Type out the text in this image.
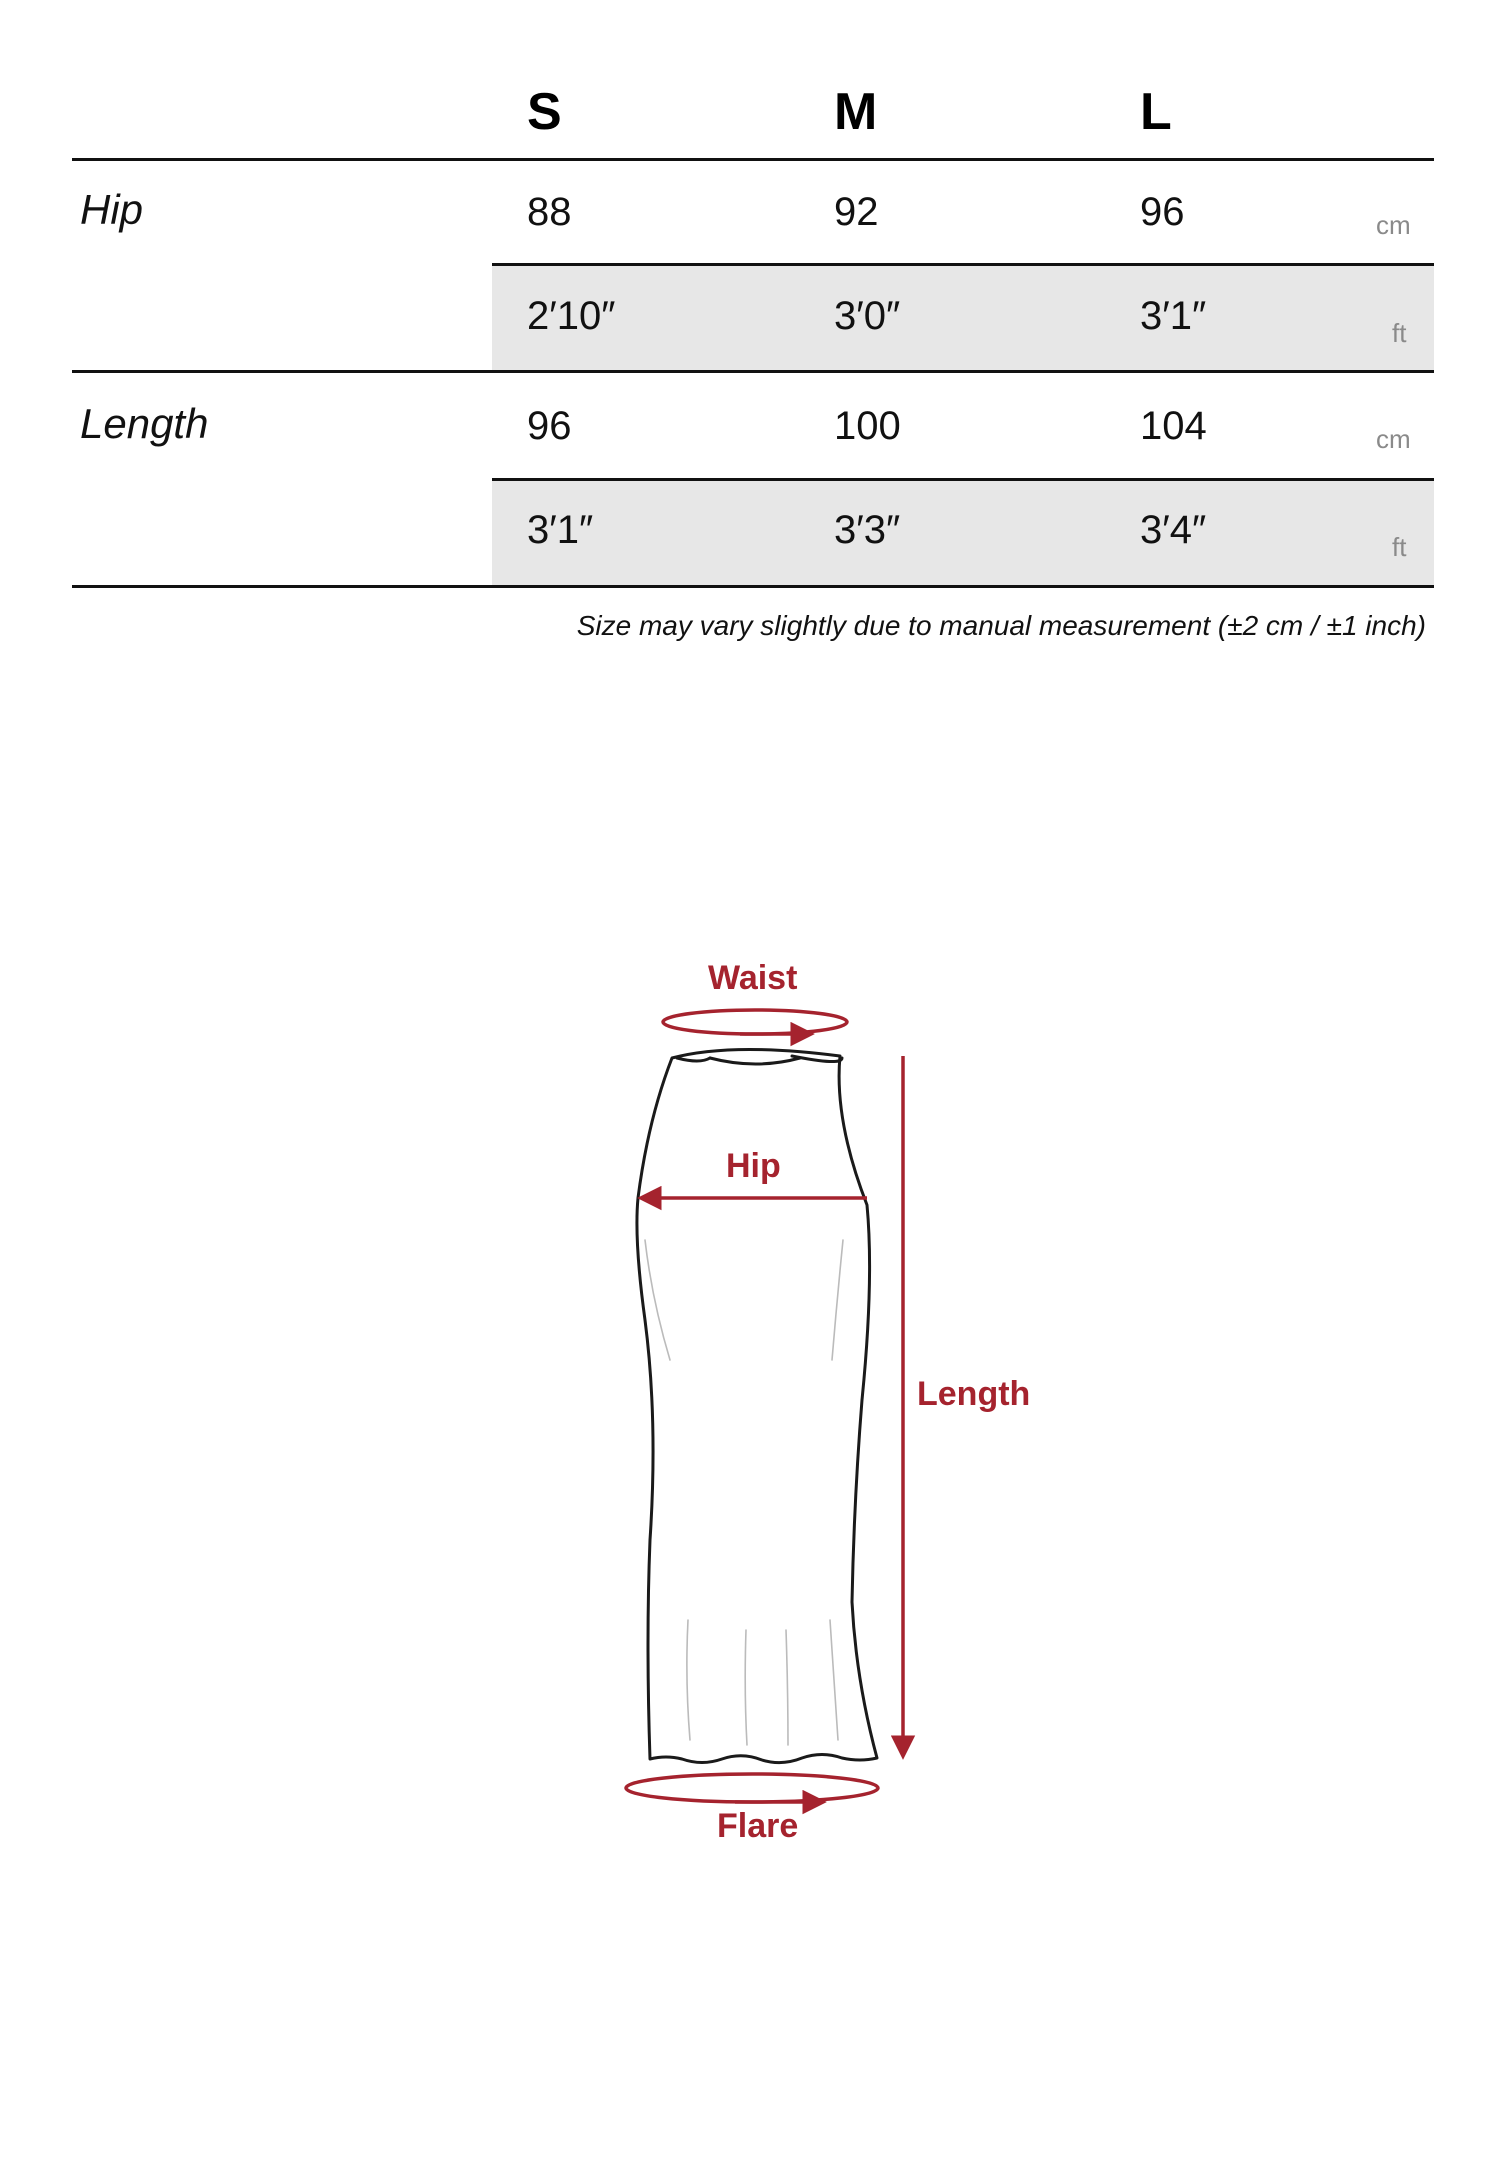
S	M	L
Hip	88	92	96	cm
2′10″	3′0″	3′1″	ft
Length	96	100	104	cm
3′1″	3′3″	3′4″	ft
Size may vary slightly due to manual measurement (±2 cm / ±1 inch)
Waist
Hip
Length
Flare
